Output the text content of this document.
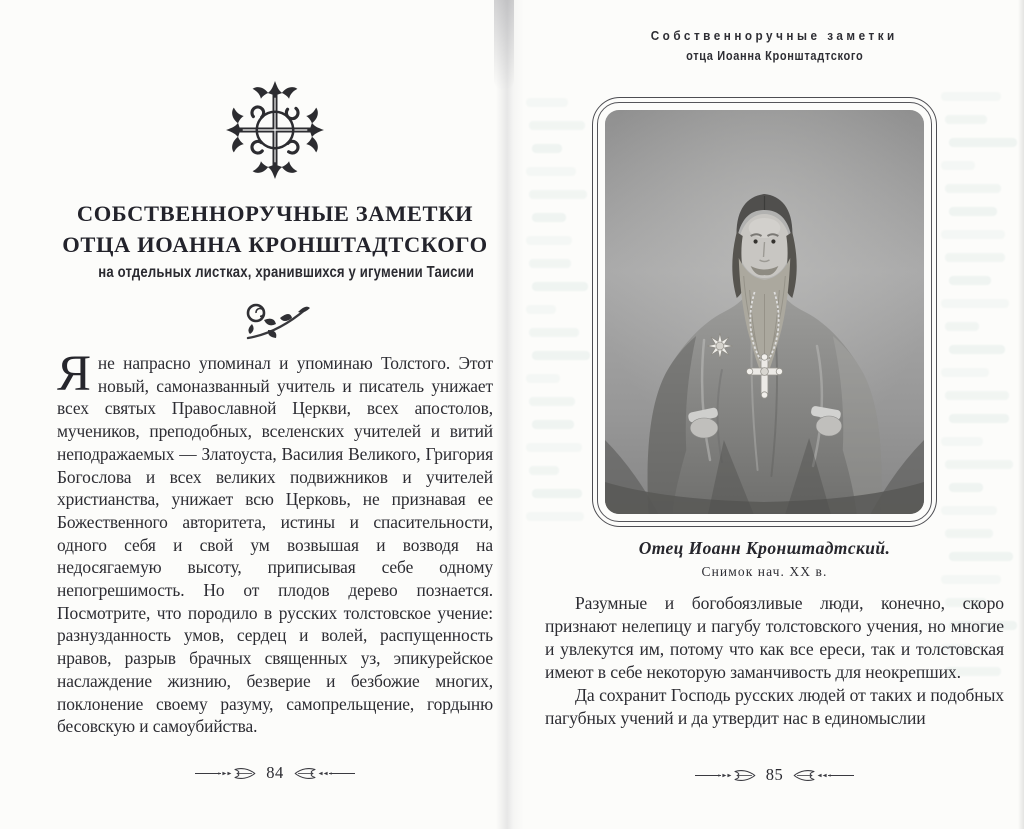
СОБСТВЕННОРУЧНЫЕ ЗАМЕТКИ
ОТЦА ИОАННА КРОНШТАДТСКОГО
на отдельных листках, хранившихся у игумении Таисии
Яне напрасно упоминал и упоминаю Толстого. Этот новый, самоназванный учитель и писатель унижает всех святых Православной Церкви, всех апостолов, мучеников, преподобных, вселенских учителей и витий неподражаемых — Златоуста, Василия Великого, Григория Богослова и всех великих подвижников и учителей христианства, унижает всю Церковь, не признавая ее Божественного авторитета, истины и спасительности, одного себя и свой ум возвышая и возводя на недосягаемую высоту, приписывая себе одному непогрешимость. Но от плодов дерево познается. Посмотрите, что породило в русских толстовское учение: разнузданность умов, сердец и волей, распущенность нравов, разрыв брачных священных уз, эпикурейское наслаждение жизнию, безверие и безбожие многих, поклонение своему разуму, самопрельщение, гордыню бесовскую и самоубийства.
84
Собственноручные заметки
отца Иоанна Кронштадтского
Отец Иоанн Кронштадтский.
Снимок нач. XX в.

Разумные и богобоязливые люди, конечно, скоро признают нелепицу и пагубу толстовского учения, но многие и увлекутся им, потому что как все ереси, так и толстовская имеют в себе некоторую заманчивость для неокрепших.

Да сохранит Господь русских людей от таких и подобных пагубных учений и да утвердит нас в единомыслии

85
